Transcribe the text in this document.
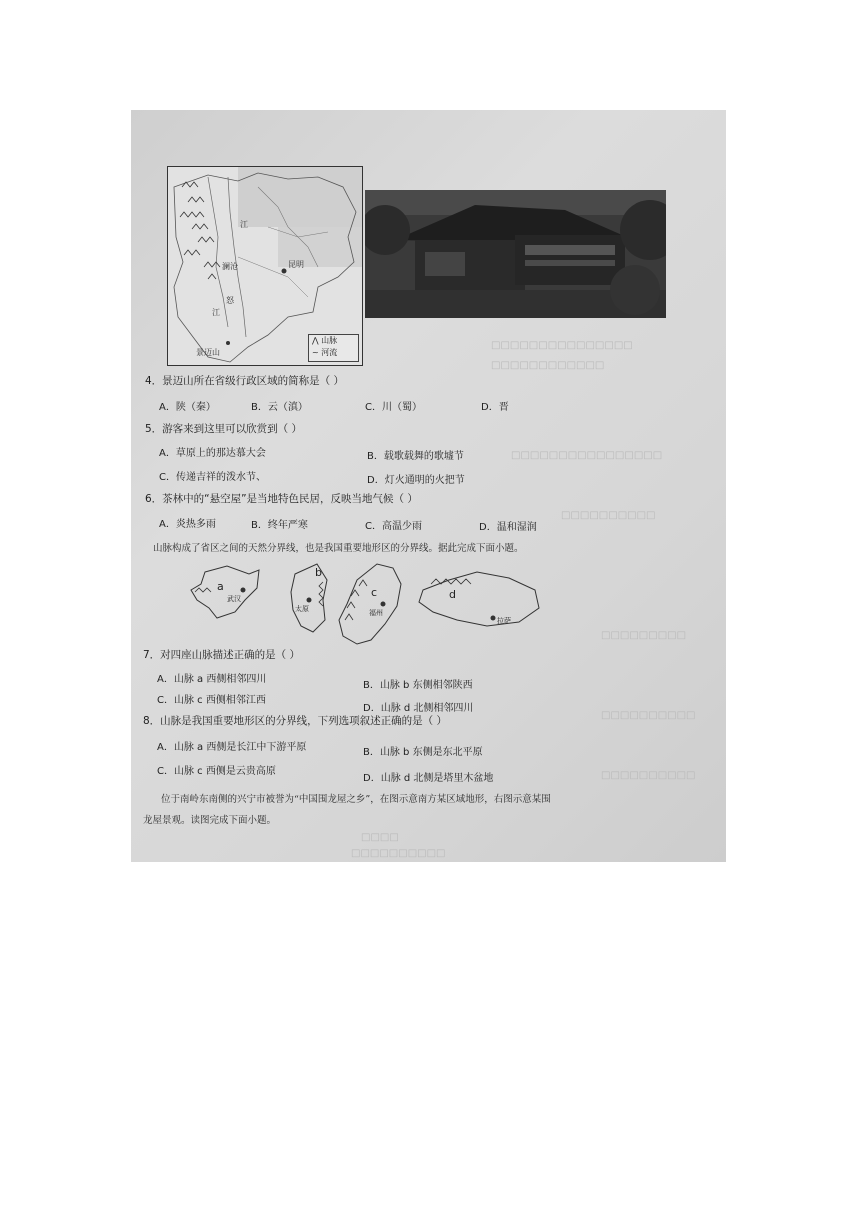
□□□□□□□□□□□□□□□
□□□□□□□□□□□□
□□□□□□□□□□□□□□□□
□□□□□□□□□□
□□□□□□□□□
□□□□□□□□□□
□□□□□□□□□□
昆明
景迈山
澜沧
江
江
怒
⋀ 山脉
~ 河流
4．景迈山所在省级行政区域的简称是（ ）
A．陕（秦）	B．云（滇）	C．川（蜀）	D．晋
5．游客来到这里可以欣赏到（ ）
A．草原上的那达慕大会	B．载歌载舞的歌墟节
C．传递吉祥的泼水节、	D．灯火通明的火把节
6．茶林中的“悬空屋”是当地特色民居，反映当地气候（ ）
A．炎热多雨	B．终年严寒	C．高温少雨	D．温和湿润
山脉构成了省区之间的天然分界线，也是我国重要地形区的分界线。据此完成下面小题。
a
武汉
b
太原
c
福州
d
拉萨
7．对四座山脉描述正确的是（ ）
A．山脉 a 西侧相邻四川
B．山脉 b 东侧相邻陕西
C．山脉 c 西侧相邻江西
D．山脉 d 北侧相邻四川
8．山脉是我国重要地形区的分界线，下列选项叙述正确的是（ ）
A．山脉 a 西侧是长江中下游平原	B．山脉 b 东侧是东北平原
C．山脉 c 西侧是云贵高原
D．山脉 d 北侧是塔里木盆地
位于南岭东南侧的兴宁市被誉为“中国围龙屋之乡”，在图示意南方某区域地形，右图示意某围
龙屋景观。读图完成下面小题。
□□□□
□□□□□□□□□□
